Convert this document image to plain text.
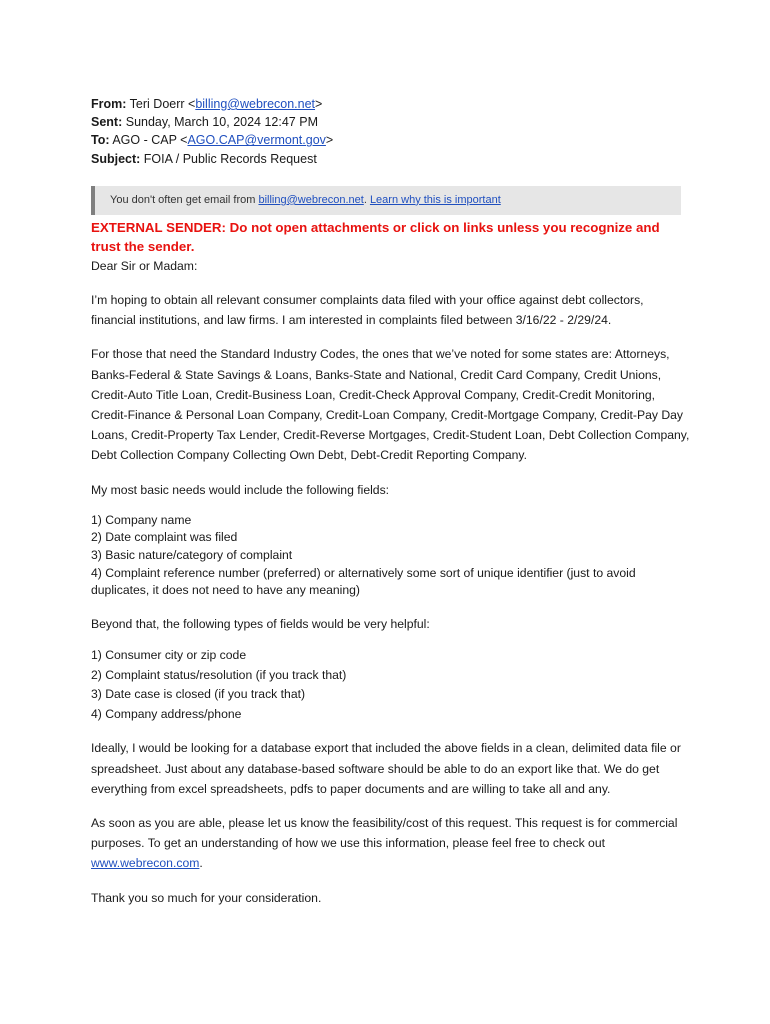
From: Teri Doerr <billing@webrecon.net>
Sent: Sunday, March 10, 2024 12:47 PM
To: AGO - CAP <AGO.CAP@vermont.gov>
Subject: FOIA / Public Records Request
You don't often get email from billing@webrecon.net. Learn why this is important
EXTERNAL SENDER: Do not open attachments or click on links unless you recognize and trust the sender.

Dear Sir or Madam:

I’m hoping to obtain all relevant consumer complaints data filed with your office against debt collectors, financial institutions, and law firms. I am interested in complaints filed between 3/16/22 - 2/29/24.

For those that need the Standard Industry Codes, the ones that we’ve noted for some states are: Attorneys, Banks-Federal & State Savings & Loans, Banks-State and National, Credit Card Company, Credit Unions, Credit-Auto Title Loan, Credit-Business Loan, Credit-Check Approval Company, Credit-Credit Monitoring, Credit-Finance & Personal Loan Company, Credit-Loan Company, Credit-Mortgage Company, Credit-Pay Day Loans, Credit-Property Tax Lender, Credit-Reverse Mortgages, Credit-Student Loan, Debt Collection Company, Debt Collection Company Collecting Own Debt, Debt-Credit Reporting Company.

My most basic needs would include the following fields:

1) Company name
2) Date complaint was filed
3) Basic nature/category of complaint
4) Complaint reference number (preferred) or alternatively some sort of unique identifier (just to avoid duplicates, it does not need to have any meaning)

Beyond that, the following types of fields would be very helpful:

1) Consumer city or zip code
2) Complaint status/resolution (if you track that)
3) Date case is closed (if you track that)
4) Company address/phone

Ideally, I would be looking for a database export that included the above fields in a clean, delimited data file or spreadsheet. Just about any database-based software should be able to do an export like that. We do get everything from excel spreadsheets, pdfs to paper documents and are willing to take all and any.

As soon as you are able, please let us know the feasibility/cost of this request. This request is for commercial purposes. To get an understanding of how we use this information, please feel free to check out www.webrecon.com.

Thank you so much for your consideration.
